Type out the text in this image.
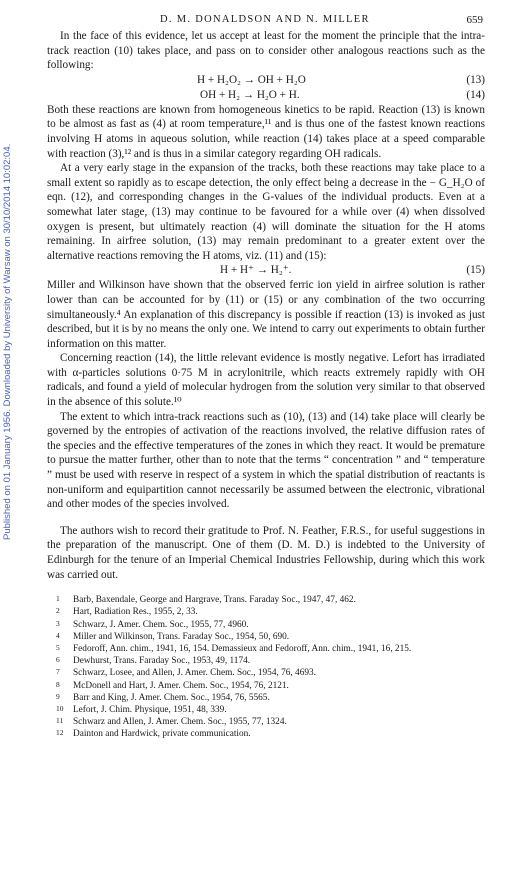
Published on 01 January 1956. Downloaded by University of Warsaw on 30/10/2014 10:02:04.
D. M. DONALDSON AND N. MILLER	659

In the face of this evidence, let us accept at least for the moment the principle that the intra-track reaction (10) takes place, and pass on to consider other analogous reactions such as the following:

H + H₂O₂ → OH + H₂O	(13)
OH + H₂ → H₂O + H.	(14)

Both these reactions are known from homogeneous kinetics to be rapid. Reaction (13) is known to be almost as fast as (4) at room temperature,¹¹ and is thus one of the fastest known reactions involving H atoms in aqueous solution, while reaction (14) takes place at a speed comparable with reaction (3),¹² and is thus in a similar category regarding OH radicals.

At a very early stage in the expansion of the tracks, both these reactions may take place to a small extent so rapidly as to escape detection, the only effect being a decrease in the − G_H₂O of eqn. (12), and corresponding changes in the G-values of the individual products. Even at a somewhat later stage, (13) may continue to be favoured for a while over (4) when dissolved oxygen is present, but ultimately reaction (4) will dominate the situation for the H atoms remaining. In airfree solution, (13) may remain predominant to a greater extent over the alternative reactions removing the H atoms, viz. (11) and (15):

H + H⁺ → H₂⁺.	(15)

Miller and Wilkinson have shown that the observed ferric ion yield in airfree solution is rather lower than can be accounted for by (11) or (15) or any combination of the two occurring simultaneously.⁴ An explanation of this discrepancy is possible if reaction (13) is invoked as just described, but it is by no means the only one. We intend to carry out experiments to obtain further information on this matter.

Concerning reaction (14), the little relevant evidence is mostly negative. Lefort has irradiated with α-particles solutions 0·75 M in acrylonitrile, which reacts extremely rapidly with OH radicals, and found a yield of molecular hydrogen from the solution very similar to that observed in the absence of this solute.¹⁰

The extent to which intra-track reactions such as (10), (13) and (14) take place will clearly be governed by the entropies of activation of the reactions involved, the relative diffusion rates of the species and the effective temperatures of the zones in which they react. It would be premature to pursue the matter further, other than to note that the terms “ concentration ” and “ temperature ” must be used with reserve in respect of a system in which the spatial distribution of reactants is non-uniform and equipartition cannot necessarily be assumed between the electronic, vibrational and other modes of the species involved.

The authors wish to record their gratitude to Prof. N. Feather, F.R.S., for useful suggestions in the preparation of the manuscript. One of them (D. M. D.) is indebted to the University of Edinburgh for the tenure of an Imperial Chemical Industries Fellowship, during which this work was carried out.

1 Barb, Baxendale, George and Hargrave, Trans. Faraday Soc., 1947, 47, 462.
2 Hart, Radiation Res., 1955, 2, 33.
3 Schwarz, J. Amer. Chem. Soc., 1955, 77, 4960.
4 Miller and Wilkinson, Trans. Faraday Soc., 1954, 50, 690.
5 Fedoroff, Ann. chim., 1941, 16, 154. Demassieux and Fedoroff, Ann. chim., 1941, 16, 215.
6 Dewhurst, Trans. Faraday Soc., 1953, 49, 1174.
7 Schwarz, Losee, and Allen, J. Amer. Chem. Soc., 1954, 76, 4693.
8 McDonell and Hart, J. Amer. Chem. Soc., 1954, 76, 2121.
9 Barr and King, J. Amer. Chem. Soc., 1954, 76, 5565.
10 Lefort, J. Chim. Physique, 1951, 48, 339.
11 Schwarz and Allen, J. Amer. Chem. Soc., 1955, 77, 1324.
12 Dainton and Hardwick, private communication.
